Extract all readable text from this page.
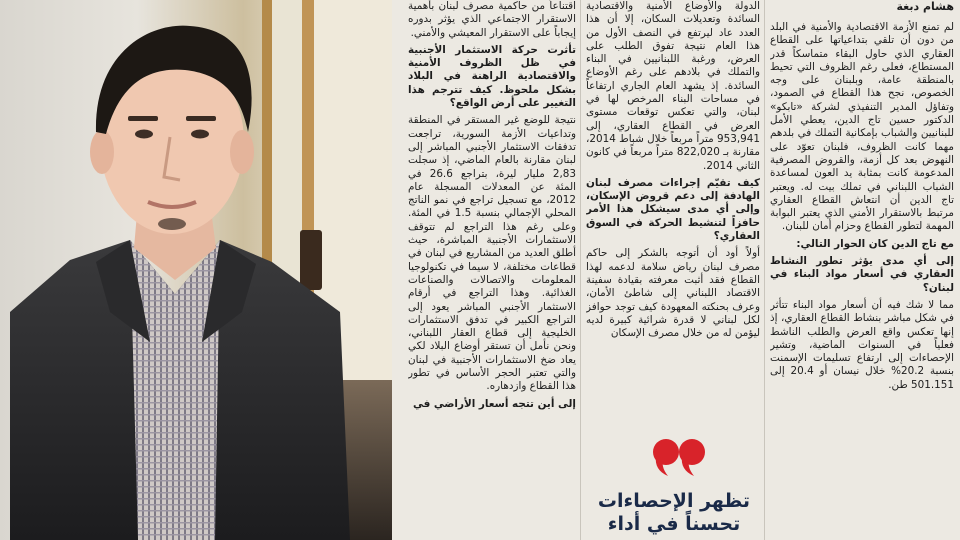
هشام دبغة

لم تمنع الأزمة الاقتصادية والأمنية في البلد من دون أن تلقي بتداعياتها على القطاع العقاري الذي حاول البقاء متماسكاً قدر المستطاع، فعلى رغم الظروف التي تحيط بالمنطقة عامة، وبلبنان على وجه الخصوص، نجح هذا القطاع في الصمود، وتفاؤل المدير التنفيذي لشركة «تابكو» الدكتور حسين تاج الدين، يعطي الأمل للبنانيين والشباب بإمكانية التملك في بلدهم مهما كانت الظروف، فلبنان تعوّد على النهوض بعد كل أزمة، والقروض المصرفية المدعومة كانت بمثابة يد العون لمساعدة الشباب اللبناني في تملك بيت له. ويعتبر تاج الدين أن انتعاش القطاع العقاري مرتبط بالاستقرار الأمني الذي يعتبر البوابة المهمة لتطور القطاع وحزام أمان للبنان.

مع تاج الدين كان الحوار التالي:

إلى أي مدى يؤثر تطور النشاط العقاري في أسعار مواد البناء في لبنان؟

مما لا شك فيه أن أسعار مواد البناء تتأثر في شكل مباشر بنشاط القطاع العقاري، إذ إنها تعكس واقع العرض والطلب الناشط فعلياً في السنوات الماضية، وتشير الإحصاءات إلى ارتفاع تسليمات الإسمنت بنسبة 20.2% خلال نيسان أو 20.4 إلى 501.151 طن.

الدولة والأوضاع الأمنية والاقتصادية السائدة وتعديلات السكان، إلا أن هذا العدد عاد ليرتفع في النصف الأول من هذا العام نتيجة تفوق الطلب على العرض، ورغبة اللبنانيين في البناء والتملك في بلادهم على رغم الأوضاع السائدة. إذ يشهد العام الجاري ارتفاعاً في مساحات البناء المرخص لها في لبنان، والتي تعكس توقعات مستوى العرض في القطاع العقاري، إلى 953,941 متراً مربعاً خلال شباط 2014، مقارنة بـ 822,020 متراً مربعاً في كانون الثاني 2014.

كيف تقيّم إجراءات مصرف لبنان الهادفة إلى دعم قروض الإسكان، وإلى أي مدى سيشكل هذا الأمر حافزاً لتنشيط الحركة في السوق العقاري؟

أولاً أود أن أتوجه بالشكر إلى حاكم مصرف لبنان رياض سلامة لدعمه لهذا القطاع فقد أثبت معرفته بقيادة سفينة الاقتصاد اللبناني إلى شاطئ الأمان، وعرف بحنكته المعهودة كيف توجد حوافز لكل لبناني لا قدرة شرائية كبيرة لديه ليؤمن له من خلال مصرف الإسكان

اقتناعاً من حاكمية مصرف لبنان بأهمية الاستقرار الاجتماعي الذي يؤثر بدوره إيجاباً على الاستقرار المعيشي والأمني.

تأثرت حركة الاستثمار الأجنبية في ظل الظروف الأمنية والاقتصادية الراهنة في البلاد بشكل ملحوظ. كيف تترجم هذا التغيير على أرض الواقع؟

نتيجة للوضع غير المستقر في المنطقة وتداعيات الأزمة السورية، تراجعت تدفقات الاستثمار الأجنبي المباشر إلى لبنان مقارنة بالعام الماضي، إذ سجلت 2,83 مليار ليرة، بتراجع 26.6 في المئة عن المعدلات المسجلة عام 2012، مع تسجيل تراجع في نمو الناتج المحلي الإجمالي بنسبة 1.5 في المئة. وعلى رغم هذا التراجع لم تتوقف الاستثمارات الأجنبية المباشرة، حيث أطلق العديد من المشاريع في لبنان في قطاعات مختلفة، لا سيما في تكنولوجيا المعلومات والاتصالات والصناعات الغذائية. وهذا التراجع في أرقام الاستثمار الأجنبي المباشر يعود إلى التراجع الكبير في تدفق الاستثمارات الخليجية إلى قطاع العقار اللبناني، ونحن نأمل أن تستقر أوضاع البلاد لكي يعاد ضخ الاستثمارات الأجنبية في لبنان والتي تعتبر الحجر الأساس في تطور هذا القطاع وازدهاره.

إلى أين تتجه أسعار الأراضي في

تظهر الإحصاءات تحسناً في أداء
